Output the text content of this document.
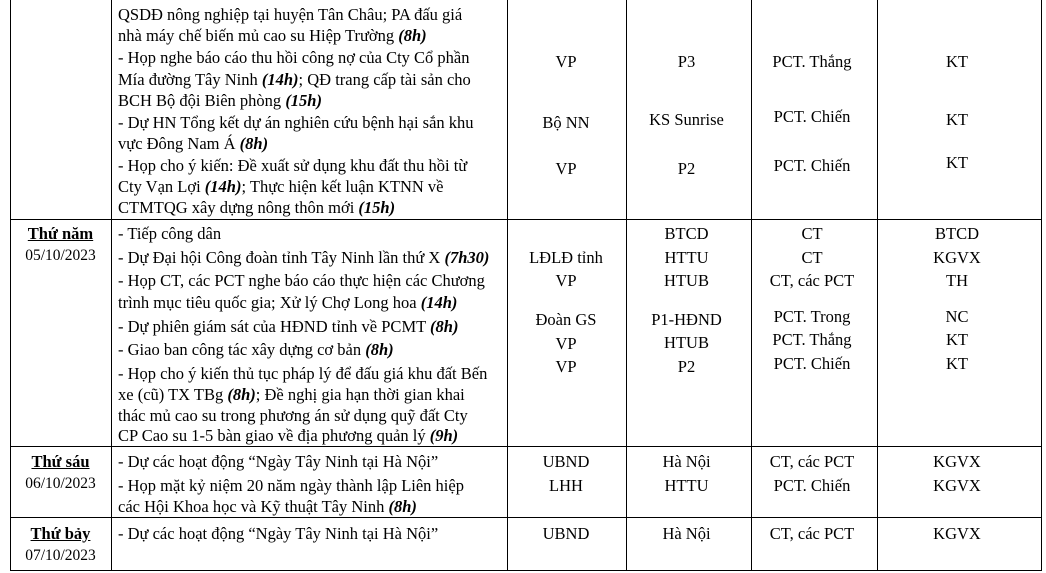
QSDĐ nông nghiệp tại huyện Tân Châu; PA đấu giá
nhà máy chế biến mủ cao su Hiệp Trường (8h)
- Họp nghe báo cáo thu hồi công nợ của Cty Cổ phần
Mía đường Tây Ninh (14h); QĐ trang cấp tài sản cho
BCH Bộ đội Biên phòng (15h)
VP	P3	PCT. Thắng	KT
- Dự HN Tổng kết dự án nghiên cứu bệnh hại sắn khu
vực Đông Nam Á (8h)
Bộ NN	KS Sunrise	PCT. Chiến	KT
- Họp cho ý kiến: Đề xuất sử dụng khu đất thu hồi từ
Cty Vạn Lợi (14h); Thực hiện kết luận KTNN về
CTMTQG xây dựng nông thôn mới (15h)
VP	P2	PCT. Chiến	KT
Thứ năm
05/10/2023
- Tiếp công dân	BTCD	CT	BTCD
- Dự Đại hội Công đoàn tỉnh Tây Ninh lần thứ X (7h30)	LĐLĐ tỉnh	HTTU	CT	KGVX
- Họp CT, các PCT nghe báo cáo thực hiện các Chương
trình mục tiêu quốc gia; Xử lý Chợ Long hoa (14h)
VP	HTUB	CT, các PCT	TH
- Dự phiên giám sát của HĐND tỉnh về PCMT (8h)	Đoàn GS	P1-HĐND	PCT. Trong	NC
- Giao ban công tác xây dựng cơ bản (8h)	VP	HTUB	PCT. Thắng	KT
- Họp cho ý kiến thủ tục pháp lý để đấu giá khu đất Bến
xe (cũ) TX TBg (8h); Đề nghị gia hạn thời gian khai
thác mủ cao su trong phương án sử dụng quỹ đất Cty
CP Cao su 1-5 bàn giao về địa phương quản lý (9h)
VP	P2	PCT. Chiến	KT
Thứ sáu
06/10/2023
- Dự các hoạt động “Ngày Tây Ninh tại Hà Nội”	UBND	Hà Nội	CT, các PCT	KGVX
- Họp mặt kỷ niệm 20 năm ngày thành lập Liên hiệp
các Hội Khoa học và Kỹ thuật Tây Ninh (8h)
LHH	HTTU	PCT. Chiến	KGVX
Thứ bảy
07/10/2023
- Dự các hoạt động “Ngày Tây Ninh tại Hà Nội”	UBND	Hà Nội	CT, các PCT	KGVX
